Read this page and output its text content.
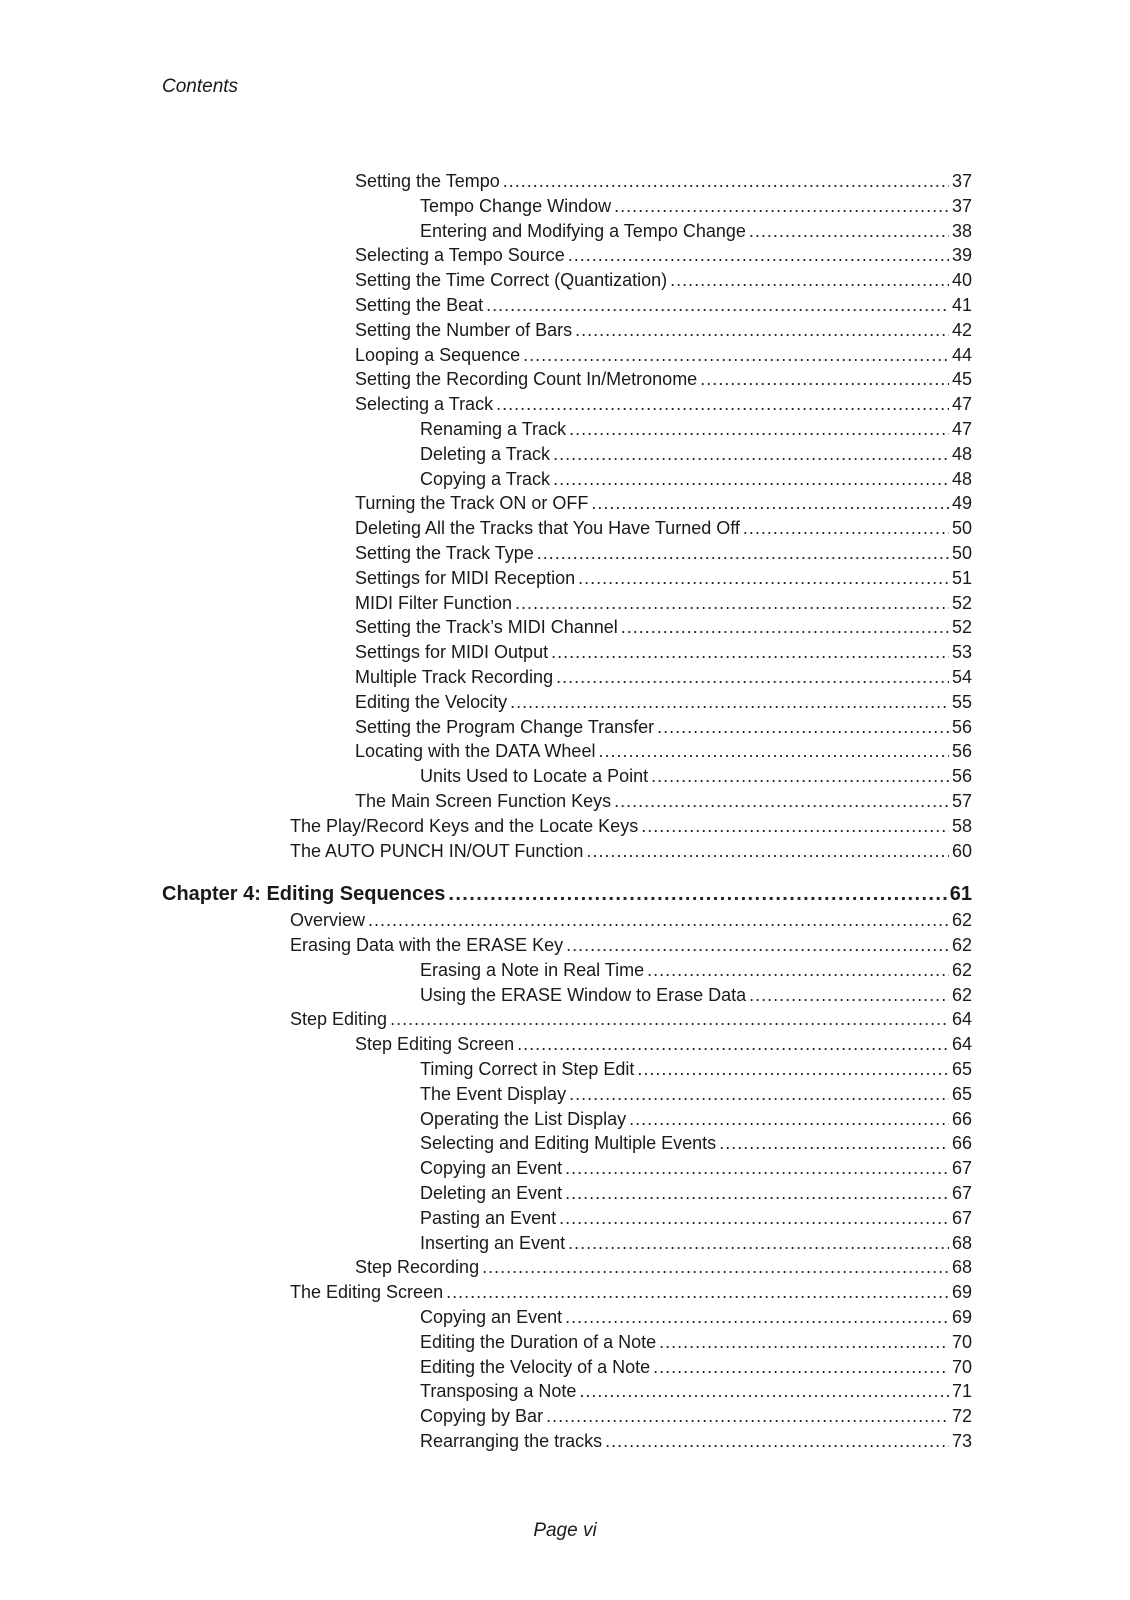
Contents
Setting the Tempo .....	37
Tempo Change Window .....	37
Entering and Modifying a Tempo Change .....	38
Selecting a Tempo Source .....	39
Setting the Time Correct (Quantization) .....	40
Setting the Beat .....	41
Setting the Number of Bars .....	42
Looping a Sequence .....	44
Setting the Recording Count In/Metronome .....	45
Selecting a Track .....	47
Renaming a Track .....	47
Deleting a Track .....	48
Copying a Track .....	48
Turning the Track ON or OFF .....	49
Deleting All the Tracks that You Have Turned Off .....	50
Setting the Track Type .....	50
Settings for MIDI Reception .....	51
MIDI Filter Function .....	52
Setting the Track’s MIDI Channel .....	52
Settings for MIDI Output .....	53
Multiple Track Recording .....	54
Editing the Velocity .....	55
Setting the Program Change Transfer .....	56
Locating with the DATA Wheel .....	56
Units Used to Locate a Point .....	56
The Main Screen Function Keys .....	57
The Play/Record Keys and the Locate Keys .....	58
The AUTO PUNCH IN/OUT Function .....	60
Chapter 4: Editing Sequences .....	61
Overview .....	62
Erasing Data with the ERASE Key .....	62
Erasing a Note in Real Time .....	62
Using the ERASE Window to Erase Data .....	62
Step Editing .....	64
Step Editing Screen .....	64
Timing Correct in Step Edit .....	65
The Event Display .....	65
Operating the List Display .....	66
Selecting and Editing Multiple Events .....	66
Copying an Event .....	67
Deleting an Event .....	67
Pasting an Event .....	67
Inserting an Event .....	68
Step Recording .....	68
The Editing Screen .....	69
Copying an Event .....	69
Editing the Duration of a Note .....	70
Editing the Velocity of a Note .....	70
Transposing a Note .....	71
Copying by Bar .....	72
Rearranging the tracks .....	73
Page vi
